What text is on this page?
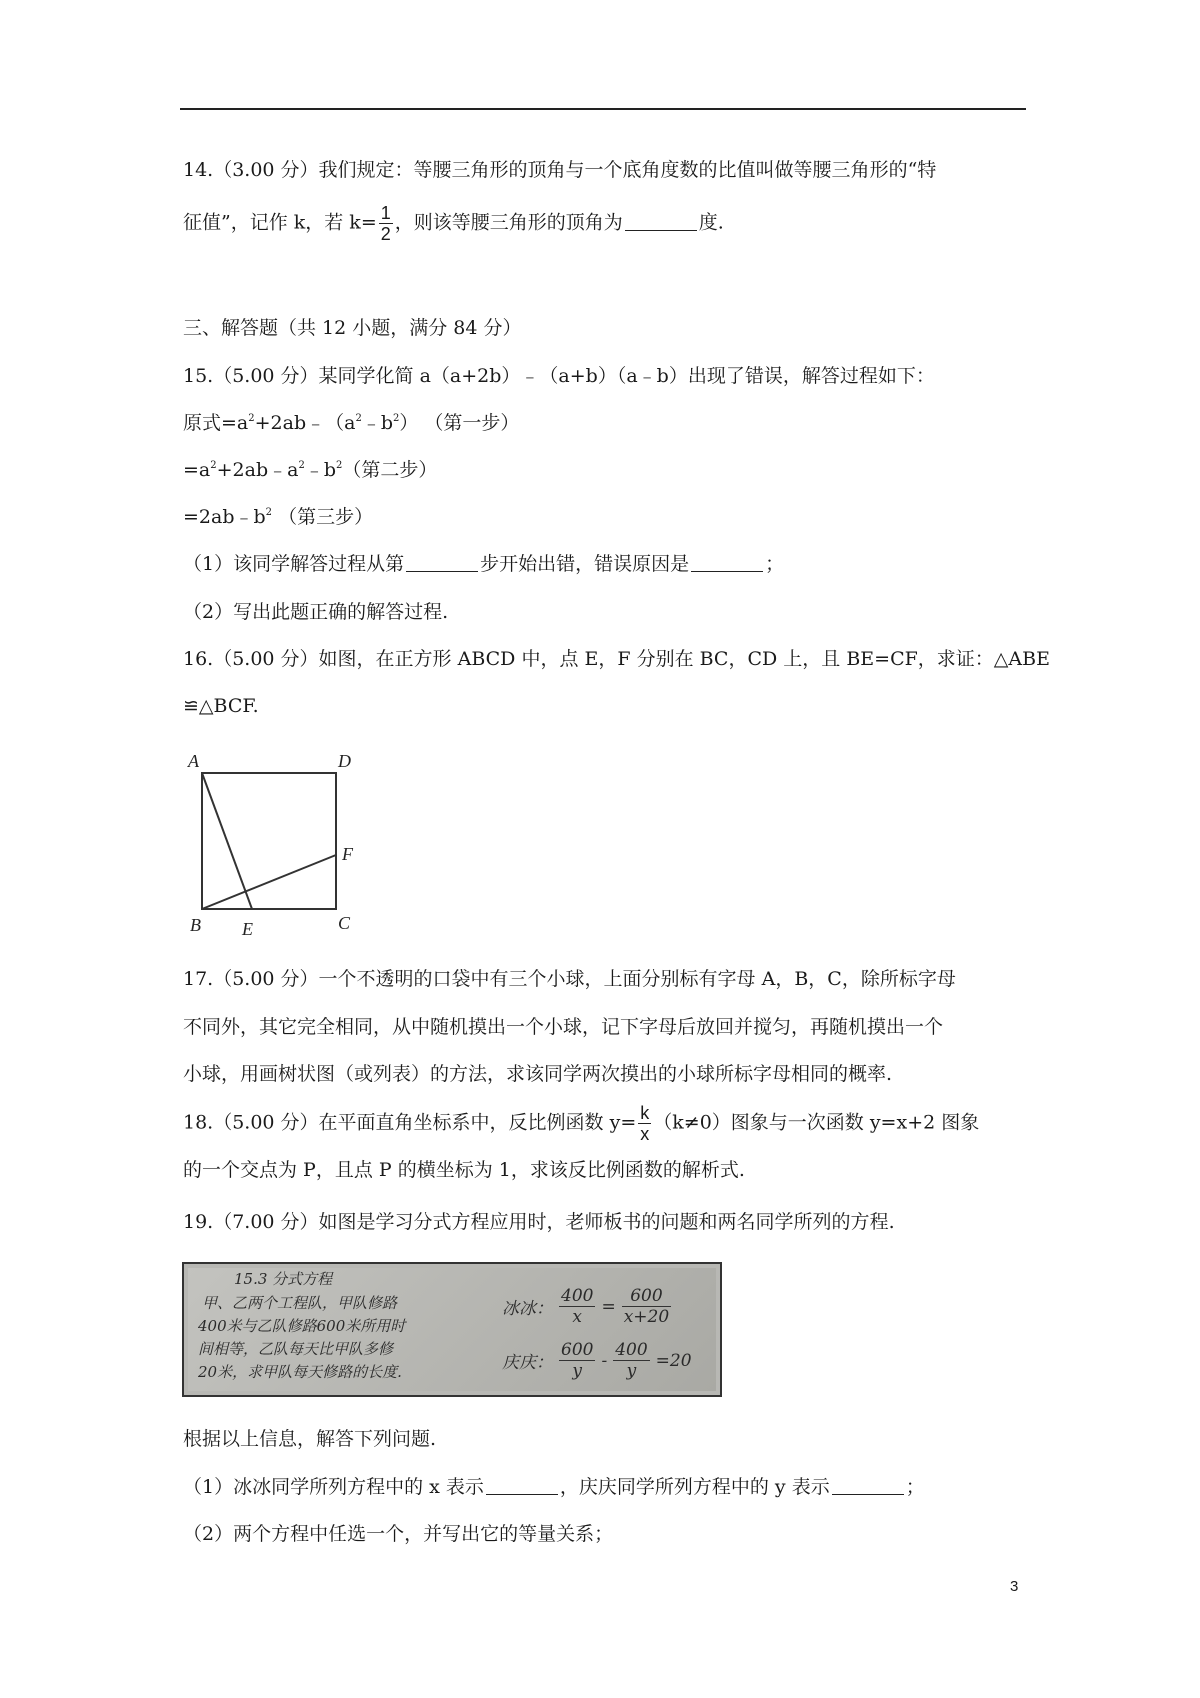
14.（3.00 分）我们规定：等腰三角形的顶角与一个底角度数的比值叫做等腰三角形的“特
征值”，记作 k，若 $k= \frac{1}{2}$ ，则该等腰三角形的顶角为	度.
三、解答题（共 12 小题，满分 84 分）
15.（5.00 分）某同学化简 a（a+2b）﹣（a+b）（a﹣b）出现了错误，解答过程如下：
原式$=a^2+2ab﹣(a^2﹣b^2)$ （第一步）
$=a^2+2ab﹣a^2﹣b^2$（第二步）
$=2ab﹣b^2$ （第三步）
（1）该同学解答过程从第	步开始出错，错误原因是	；
（2）写出此题正确的解答过程.
16.（5.00 分）如图，在正方形 ABCD 中，点 E，F 分别在 BC，CD 上，且 BE=CF，求证：△ABE
≌△BCF.
A	D
F
B E	C
17.（5.00 分）一个不透明的口袋中有三个小球，上面分别标有字母 A，B，C，除所标字母
不同外，其它完全相同，从中随机摸出一个小球，记下字母后放回并搅匀，再随机摸出一个
小球，用画树状图（或列表）的方法，求该同学两次摸出的小球所标字母相同的概率.
18.（5.00 分）在平面直角坐标系中，反比例函数 $y= \frac{k}{x} (k\ne 0)$图象与一次函数 y=x+2 图象
的一个交点为 P，且点 P 的横坐标为 1，求该反比例函数的解析式.
19.（7.00 分）如图是学习分式方程应用时，老师板书的问题和两名同学所列的方程.
15.3 分式方程
甲、乙两个工程队，甲队修路
400米与乙队修路600米所用时
间相等，乙队每天比甲队多修
20米，求甲队每天修路的长度.
冰冰： $\frac{400}{x} = \frac{600}{x+20}$
庆庆： $\frac{600}{y} - \frac{400}{y} =20$
根据以上信息，解答下列问题.
（1）冰冰同学所列方程中的 x 表示	，庆庆同学所列方程中的 y 表示	；
（2）两个方程中任选一个，并写出它的等量关系；
3
